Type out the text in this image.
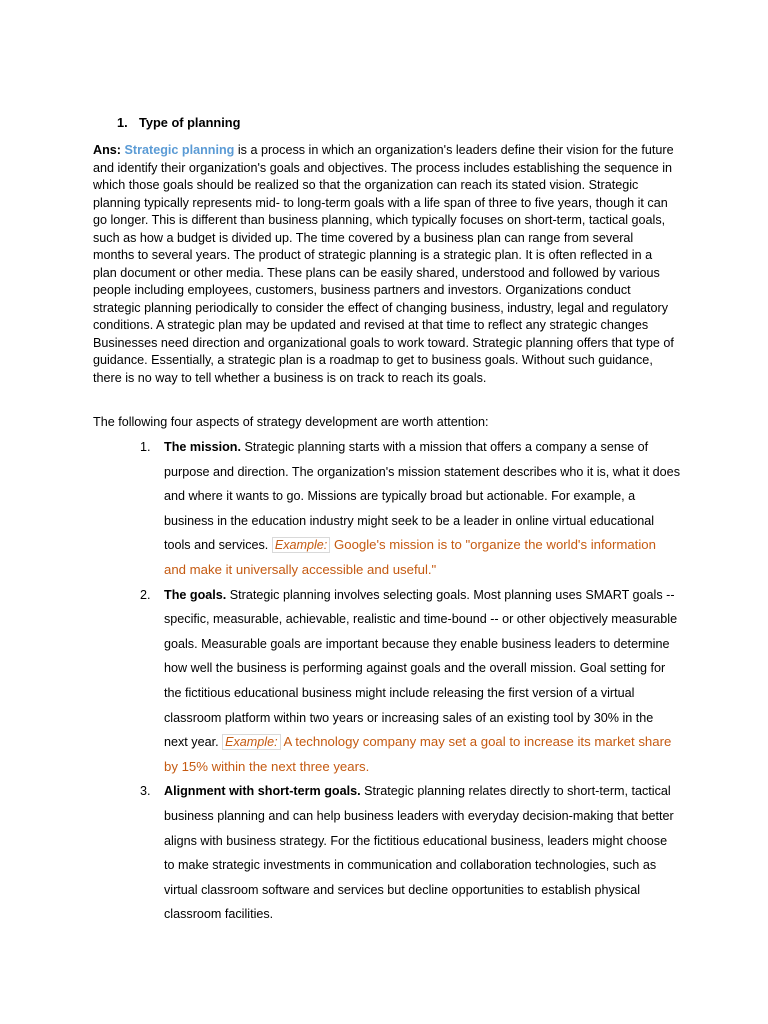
1. Type of planning

Ans: Strategic planning is a process in which an organization's leaders define their vision for the future and identify their organization's goals and objectives. The process includes establishing the sequence in which those goals should be realized so that the organization can reach its stated vision. Strategic planning typically represents mid- to long-term goals with a life span of three to five years, though it can go longer. This is different than business planning, which typically focuses on short-term, tactical goals, such as how a budget is divided up. The time covered by a business plan can range from several months to several years. The product of strategic planning is a strategic plan. It is often reflected in a plan document or other media. These plans can be easily shared, understood and followed by various people including employees, customers, business partners and investors. Organizations conduct strategic planning periodically to consider the effect of changing business, industry, legal and regulatory conditions. A strategic plan may be updated and revised at that time to reflect any strategic changes

Businesses need direction and organizational goals to work toward. Strategic planning offers that type of guidance. Essentially, a strategic plan is a roadmap to get to business goals. Without such guidance, there is no way to tell whether a business is on track to reach its goals.

The following four aspects of strategy development are worth attention:

1. The mission. Strategic planning starts with a mission that offers a company a sense of purpose and direction. The organization's mission statement describes who it is, what it does and where it wants to go. Missions are typically broad but actionable. For example, a business in the education industry might seek to be a leader in online virtual educational tools and services. Example: Google's mission is to "organize the world's information and make it universally accessible and useful."
2. The goals. Strategic planning involves selecting goals. Most planning uses SMART goals -- specific, measurable, achievable, realistic and time-bound -- or other objectively measurable goals. Measurable goals are important because they enable business leaders to determine how well the business is performing against goals and the overall mission. Goal setting for the fictitious educational business might include releasing the first version of a virtual classroom platform within two years or increasing sales of an existing tool by 30% in the next year. Example: A technology company may set a goal to increase its market share by 15% within the next three years.
3. Alignment with short-term goals. Strategic planning relates directly to short-term, tactical business planning and can help business leaders with everyday decision-making that better aligns with business strategy. For the fictitious educational business, leaders might choose to make strategic investments in communication and collaboration technologies, such as virtual classroom software and services but decline opportunities to establish physical classroom facilities.
